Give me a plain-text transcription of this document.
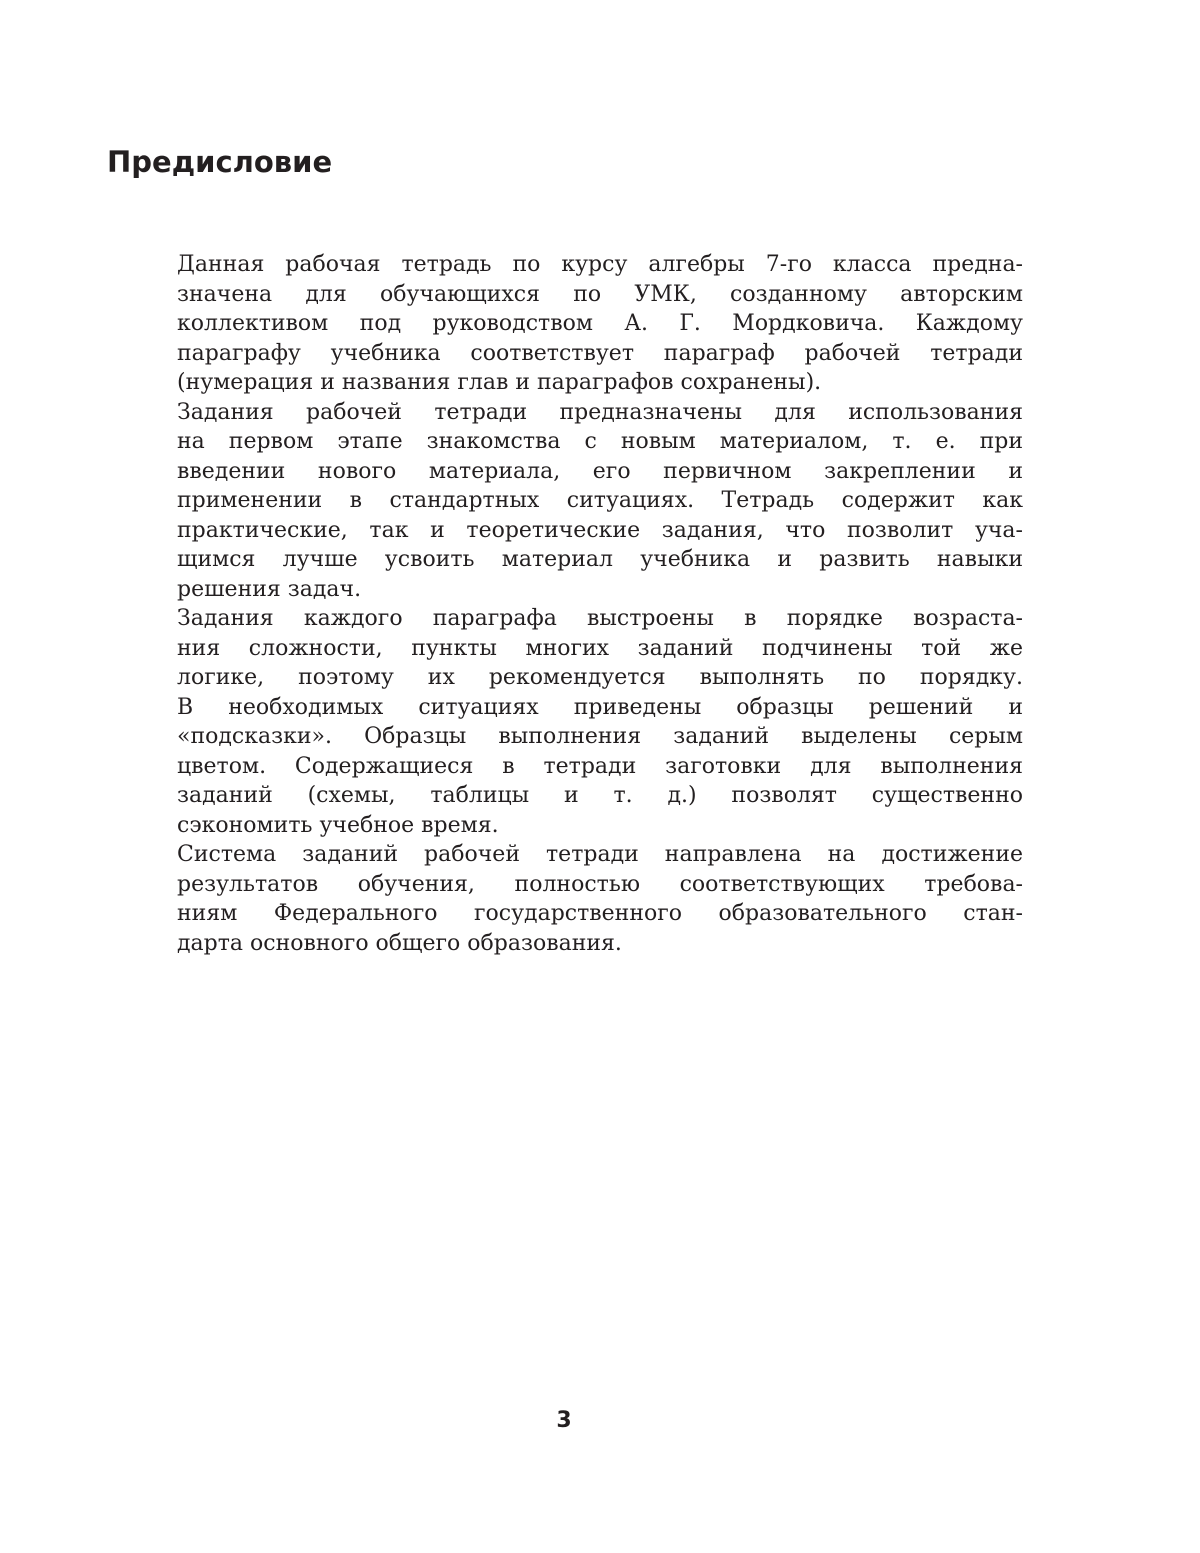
Предисловие
Данная рабочая тетрадь по курсу алгебры 7-го класса предна-
значена для обучающихся по УМК, созданному авторским
коллективом под руководством А. Г. Мордковича. Каждому
параграфу учебника соответствует параграф рабочей тетради
(нумерация и названия глав и параграфов сохранены).
Задания рабочей тетради предназначены для использования
на первом этапе знакомства с новым материалом, т. е. при
введении нового материала, его первичном закреплении и
применении в стандартных ситуациях. Тетрадь содержит как
практические, так и теоретические задания, что позволит уча-
щимся лучше усвоить материал учебника и развить навыки
решения задач.
Задания каждого параграфа выстроены в порядке возраста-
ния сложности, пункты многих заданий подчинены той же
логике, поэтому их рекомендуется выполнять по порядку.
В необходимых ситуациях приведены образцы решений и
«подсказки». Образцы выполнения заданий выделены серым
цветом. Содержащиеся в тетради заготовки для выполнения
заданий (схемы, таблицы и т. д.) позволят существенно
сэкономить учебное время.
Система заданий рабочей тетради направлена на достижение
результатов обучения, полностью соответствующих требова-
ниям Федерального государственного образовательного стан-
дарта основного общего образования.
3
